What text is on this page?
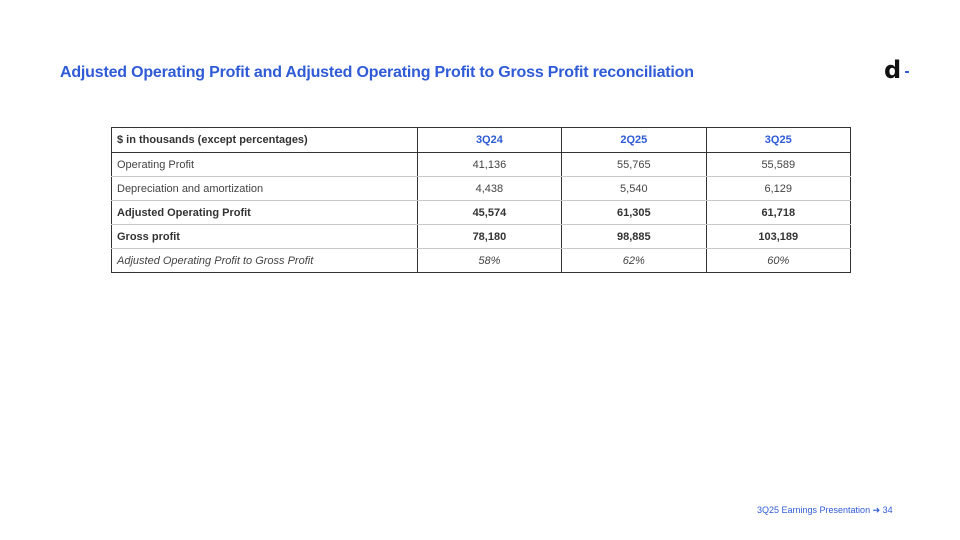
Adjusted Operating Profit and Adjusted Operating Profit to Gross Profit reconciliation	d
$ in thousands (except percentages)	3Q24	2Q25	3Q25
Operating Profit	41,136	55,765	55,589
Depreciation and amortization	4,438	5,540	6,129
Adjusted Operating Profit	45,574	61,305	61,718
Gross profit	78,180	98,885	103,189
Adjusted Operating Profit to Gross Profit	58%	62%	60%
3Q25 Earnings Presentation ➜ 34
